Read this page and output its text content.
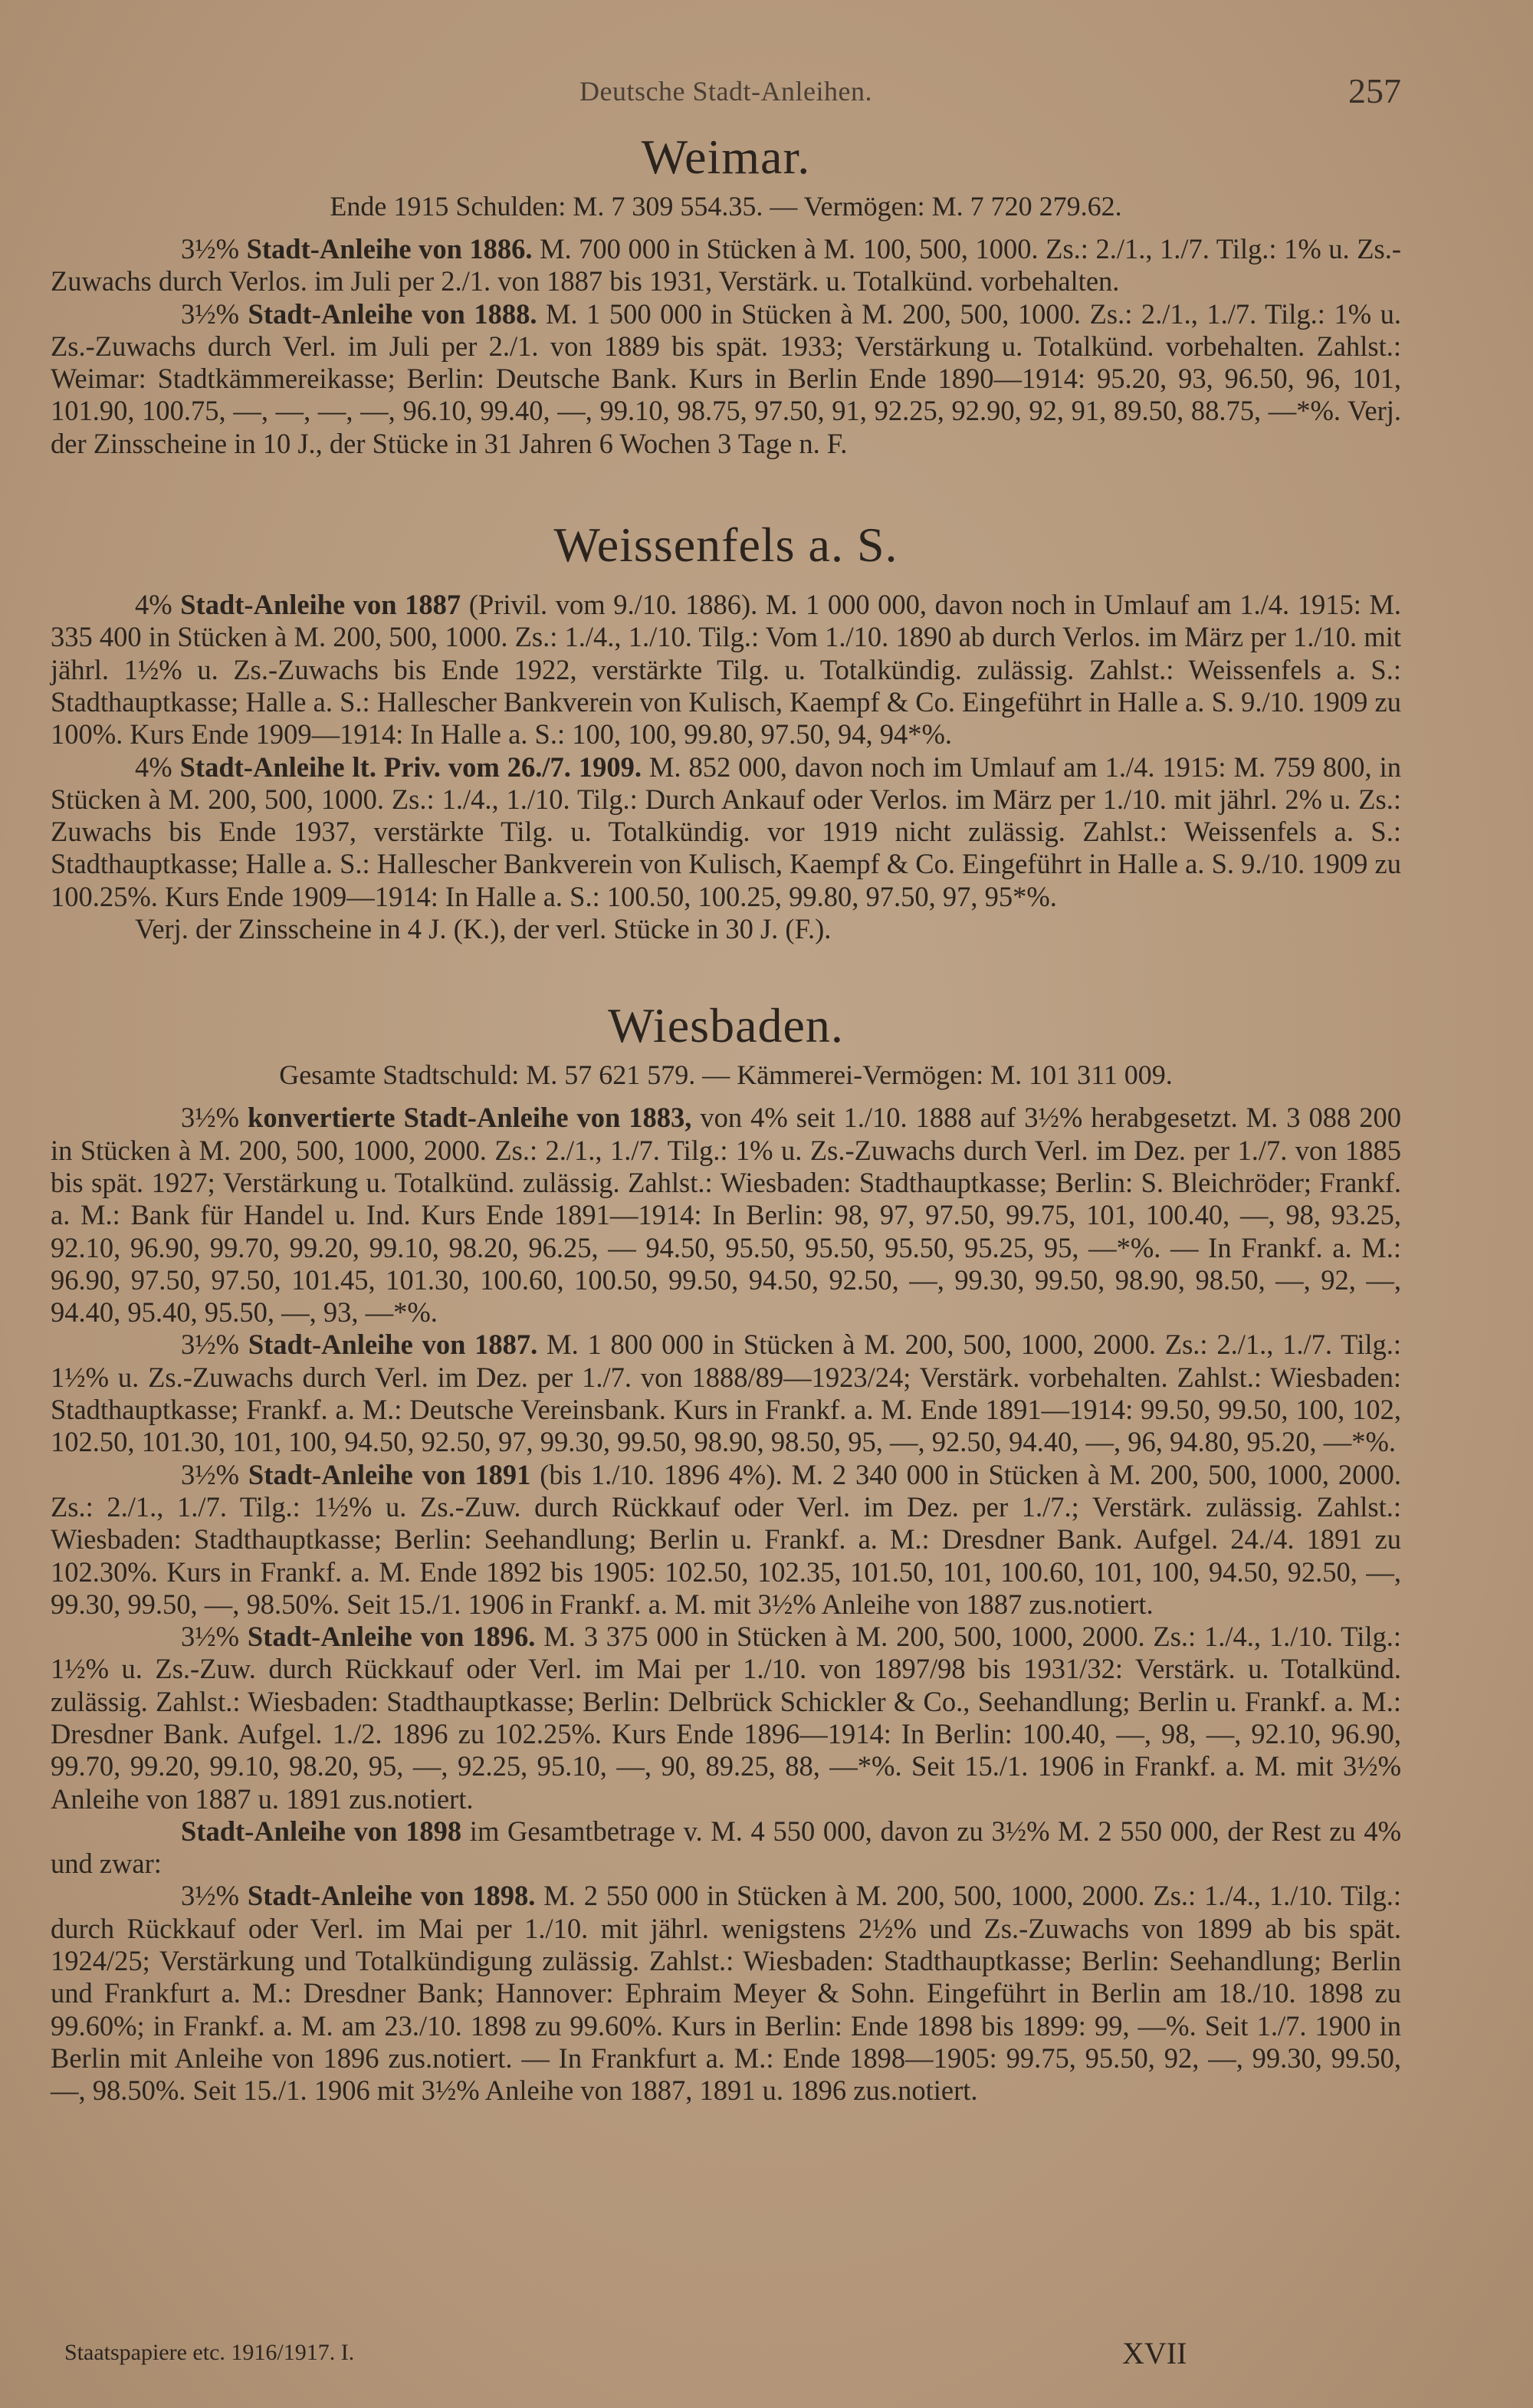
Deutsche Stadt-Anleihen.	257
Weimar.
Ende 1915 Schulden: M. 7 309 554.35. — Vermögen: M. 7 720 279.62.

3½% Stadt-Anleihe von 1886. M. 700 000 in Stücken à M. 100, 500, 1000. Zs.: 2./1., 1./7. Tilg.: 1% u. Zs.-Zuwachs durch Verlos. im Juli per 2./1. von 1887 bis 1931, Verstärk. u. Totalkünd. vorbehalten.

3½% Stadt-Anleihe von 1888. M. 1 500 000 in Stücken à M. 200, 500, 1000. Zs.: 2./1., 1./7. Tilg.: 1% u. Zs.-Zuwachs durch Verl. im Juli per 2./1. von 1889 bis spät. 1933; Verstärkung u. Totalkünd. vorbehalten. Zahlst.: Weimar: Stadtkämmereikasse; Berlin: Deutsche Bank. Kurs in Berlin Ende 1890—1914: 95.20, 93, 96.50, 96, 101, 101.90, 100.75, —, —, —, —, 96.10, 99.40, —, 99.10, 98.75, 97.50, 91, 92.25, 92.90, 92, 91, 89.50, 88.75, —*%. Verj. der Zinsscheine in 10 J., der Stücke in 31 Jahren 6 Wochen 3 Tage n. F.

Weissenfels a. S.

4% Stadt-Anleihe von 1887 (Privil. vom 9./10. 1886). M. 1 000 000, davon noch in Umlauf am 1./4. 1915: M. 335 400 in Stücken à M. 200, 500, 1000. Zs.: 1./4., 1./10. Tilg.: Vom 1./10. 1890 ab durch Verlos. im März per 1./10. mit jährl. 1½% u. Zs.-Zuwachs bis Ende 1922, verstärkte Tilg. u. Totalkündig. zulässig. Zahlst.: Weissenfels a. S.: Stadthauptkasse; Halle a. S.: Hallescher Bankverein von Kulisch, Kaempf & Co. Eingeführt in Halle a. S. 9./10. 1909 zu 100%. Kurs Ende 1909—1914: In Halle a. S.: 100, 100, 99.80, 97.50, 94, 94*%.

4% Stadt-Anleihe lt. Priv. vom 26./7. 1909. M. 852 000, davon noch im Umlauf am 1./4. 1915: M. 759 800, in Stücken à M. 200, 500, 1000. Zs.: 1./4., 1./10. Tilg.: Durch Ankauf oder Verlos. im März per 1./10. mit jährl. 2% u. Zs.: Zuwachs bis Ende 1937, verstärkte Tilg. u. Totalkündig. vor 1919 nicht zulässig. Zahlst.: Weissenfels a. S.: Stadthauptkasse; Halle a. S.: Hallescher Bankverein von Kulisch, Kaempf & Co. Eingeführt in Halle a. S. 9./10. 1909 zu 100.25%. Kurs Ende 1909—1914: In Halle a. S.: 100.50, 100.25, 99.80, 97.50, 97, 95*%.

Verj. der Zinsscheine in 4 J. (K.), der verl. Stücke in 30 J. (F.).

Wiesbaden.
Gesamte Stadtschuld: M. 57 621 579. — Kämmerei-Vermögen: M. 101 311 009.

3½% konvertierte Stadt-Anleihe von 1883, von 4% seit 1./10. 1888 auf 3½% herabgesetzt. M. 3 088 200 in Stücken à M. 200, 500, 1000, 2000. Zs.: 2./1., 1./7. Tilg.: 1% u. Zs.-Zuwachs durch Verl. im Dez. per 1./7. von 1885 bis spät. 1927; Verstärkung u. Totalkünd. zulässig. Zahlst.: Wiesbaden: Stadthauptkasse; Berlin: S. Bleichröder; Frankf. a. M.: Bank für Handel u. Ind. Kurs Ende 1891—1914: In Berlin: 98, 97, 97.50, 99.75, 101, 100.40, —, 98, 93.25, 92.10, 96.90, 99.70, 99.20, 99.10, 98.20, 96.25, — 94.50, 95.50, 95.50, 95.50, 95.25, 95, —*%. — In Frankf. a. M.: 96.90, 97.50, 97.50, 101.45, 101.30, 100.60, 100.50, 99.50, 94.50, 92.50, —, 99.30, 99.50, 98.90, 98.50, —, 92, —, 94.40, 95.40, 95.50, —, 93, —*%.

3½% Stadt-Anleihe von 1887. M. 1 800 000 in Stücken à M. 200, 500, 1000, 2000. Zs.: 2./1., 1./7. Tilg.: 1½% u. Zs.-Zuwachs durch Verl. im Dez. per 1./7. von 1888/89—1923/24; Verstärk. vorbehalten. Zahlst.: Wiesbaden: Stadthauptkasse; Frankf. a. M.: Deutsche Vereinsbank. Kurs in Frankf. a. M. Ende 1891—1914: 99.50, 99.50, 100, 102, 102.50, 101.30, 101, 100, 94.50, 92.50, 97, 99.30, 99.50, 98.90, 98.50, 95, —, 92.50, 94.40, —, 96, 94.80, 95.20, —*%.

3½% Stadt-Anleihe von 1891 (bis 1./10. 1896 4%). M. 2 340 000 in Stücken à M. 200, 500, 1000, 2000. Zs.: 2./1., 1./7. Tilg.: 1½% u. Zs.-Zuw. durch Rückkauf oder Verl. im Dez. per 1./7.; Verstärk. zulässig. Zahlst.: Wiesbaden: Stadthauptkasse; Berlin: Seehandlung; Berlin u. Frankf. a. M.: Dresdner Bank. Aufgel. 24./4. 1891 zu 102.30%. Kurs in Frankf. a. M. Ende 1892 bis 1905: 102.50, 102.35, 101.50, 101, 100.60, 101, 100, 94.50, 92.50, —, 99.30, 99.50, —, 98.50%. Seit 15./1. 1906 in Frankf. a. M. mit 3½% Anleihe von 1887 zus.notiert.

3½% Stadt-Anleihe von 1896. M. 3 375 000 in Stücken à M. 200, 500, 1000, 2000. Zs.: 1./4., 1./10. Tilg.: 1½% u. Zs.-Zuw. durch Rückkauf oder Verl. im Mai per 1./10. von 1897/98 bis 1931/32: Verstärk. u. Totalkünd. zulässig. Zahlst.: Wiesbaden: Stadthauptkasse; Berlin: Delbrück Schickler & Co., Seehandlung; Berlin u. Frankf. a. M.: Dresdner Bank. Aufgel. 1./2. 1896 zu 102.25%. Kurs Ende 1896—1914: In Berlin: 100.40, —, 98, —, 92.10, 96.90, 99.70, 99.20, 99.10, 98.20, 95, —, 92.25, 95.10, —, 90, 89.25, 88, —*%. Seit 15./1. 1906 in Frankf. a. M. mit 3½% Anleihe von 1887 u. 1891 zus.notiert.

Stadt-Anleihe von 1898 im Gesamtbetrage v. M. 4 550 000, davon zu 3½% M. 2 550 000, der Rest zu 4% und zwar:

3½% Stadt-Anleihe von 1898. M. 2 550 000 in Stücken à M. 200, 500, 1000, 2000. Zs.: 1./4., 1./10. Tilg.: durch Rückkauf oder Verl. im Mai per 1./10. mit jährl. wenigstens 2½% und Zs.-Zuwachs von 1899 ab bis spät. 1924/25; Verstärkung und Totalkündigung zulässig. Zahlst.: Wiesbaden: Stadthauptkasse; Berlin: Seehandlung; Berlin und Frankfurt a. M.: Dresdner Bank; Hannover: Ephraim Meyer & Sohn. Eingeführt in Berlin am 18./10. 1898 zu 99.60%; in Frankf. a. M. am 23./10. 1898 zu 99.60%. Kurs in Berlin: Ende 1898 bis 1899: 99, —%. Seit 1./7. 1900 in Berlin mit Anleihe von 1896 zus.notiert. — In Frankfurt a. M.: Ende 1898—1905: 99.75, 95.50, 92, —, 99.30, 99.50, —, 98.50%. Seit 15./1. 1906 mit 3½% Anleihe von 1887, 1891 u. 1896 zus.notiert.

Staatspapiere etc. 1916/1917. I.	XVII
